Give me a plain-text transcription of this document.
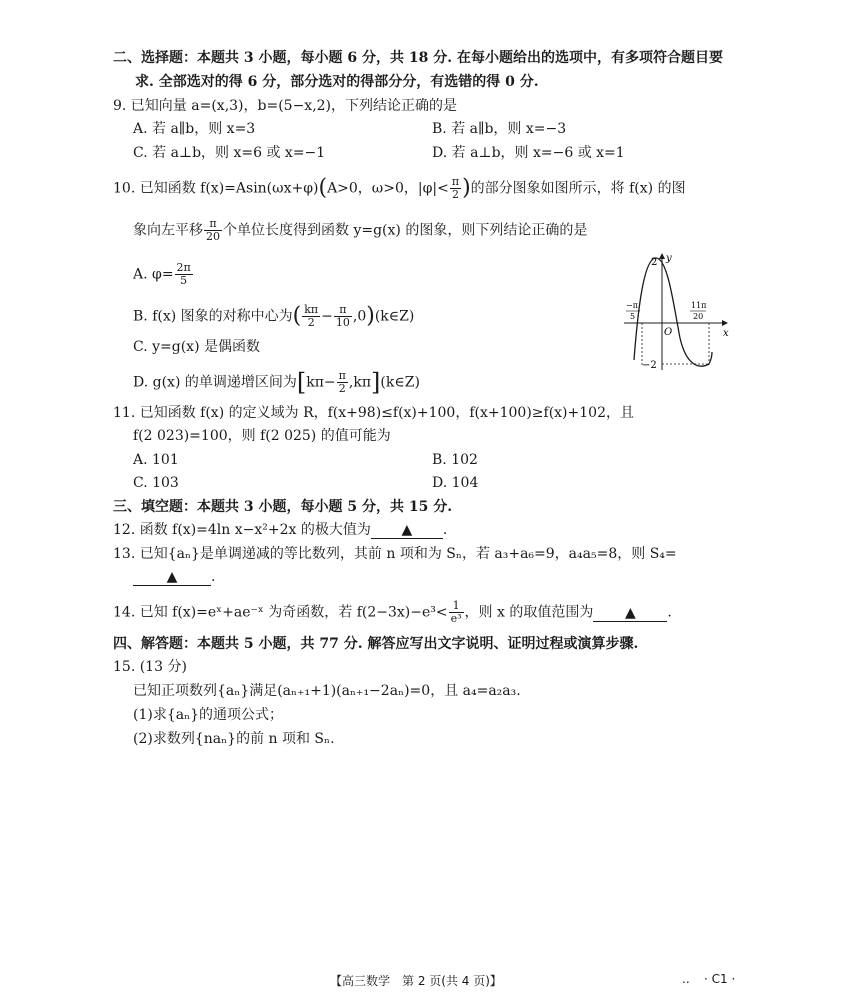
二、选择题：本题共 3 小题，每小题 6 分，共 18 分. 在每小题给出的选项中，有多项符合题目要
求. 全部选对的得 6 分，部分选对的得部分分，有选错的得 0 分.
9. 已知向量 a=(x,3)，b=(5−x,2)，下列结论正确的是
A. 若 a∥b，则 x=3	B. 若 a∥b，则 x=−3
C. 若 a⊥b，则 x=6 或 x=−1	D. 若 a⊥b，则 x=−6 或 x=1
10. 已知函数 f(x)=Asin(ωx+φ)(A>0，ω>0，$|\varphi|< \frac{\pi}{2}$ )的部分图象如图所示，将 f(x) 的图
象向左平移 $\frac{\pi}{20}$ 个单位长度得到函数 y=g(x) 的图象，则下列结论正确的是
A. $\varphi= \frac{2\pi}{5}$
B. f(x) 图象的对称中心为( $\frac{k\pi}{2} - \frac{\pi}{10}$ ,0)(k∈Z)
C. y=g(x) 是偶函数
D. g(x) 的单调递增区间为[$k\pi- \frac{\pi}{2}$ ,kπ](k∈Z)
y
x
O
2
−2
−π
5
11π
20
11. 已知函数 f(x) 的定义域为 R，f(x+98)≤f(x)+100，f(x+100)≥f(x)+102，且
f(2 023)=100，则 f(2 025) 的值可能为
A. 101	B. 102
C. 103	D. 104
三、填空题：本题共 3 小题，每小题 5 分，共 15 分.
12. 函数 f(x)=4ln x−x²+2x 的极大值为 ▲ .
13. 已知{aₙ}是单调递减的等比数列，其前 n 项和为 Sₙ，若 a₃+a₆=9，a₄a₅=8，则 S₄=
▲ .
14. 已知 f(x)=eˣ+ae⁻ˣ 为奇函数，若 $f(2-3x)-e^3< \frac{1}{\text{e³}}$ ，则 x 的取值范围为 ▲ .
四、解答题：本题共 5 小题，共 77 分. 解答应写出文字说明、证明过程或演算步骤.
15. (13 分)
已知正项数列{aₙ}满足(aₙ₊₁+1)(aₙ₊₁−2aₙ)=0，且 a₄=a₂a₃.
(1)求{aₙ}的通项公式；
(2)求数列{naₙ}的前 n 项和 Sₙ.
【高三数学　第 2 页(共 4 页)】	.. · C1 ·
